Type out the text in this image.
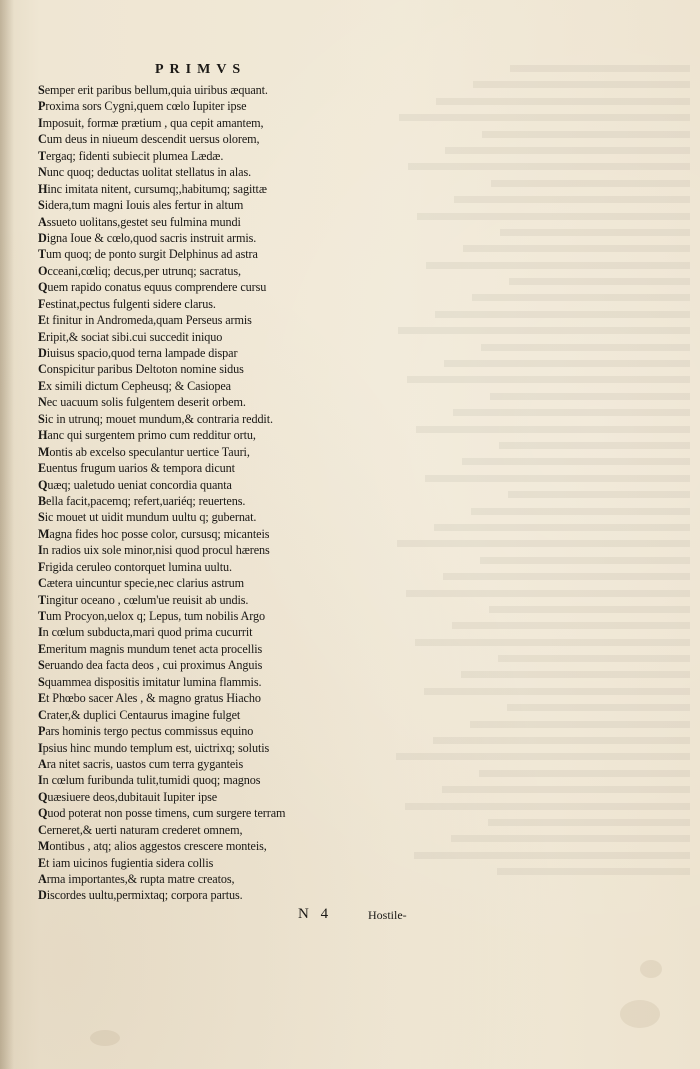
PRIMVS
Semper erit paribus bellum,quia uiribus æquant.
Proxima sors Cygni,quem cœlo Iupiter ipse
Imposuit, formæ prætium , qua cepit amantem,
Cum deus in niueum descendit uersus olorem,
Tergaq; fidenti subiecit plumea Lædæ.
Nunc quoq; deductas uolitat stellatus in alas.
Hinc imitata nitent, cursumq;,habitumq; sagittæ
Sidera,tum magni Iouis ales fertur in altum
Assueto uolitans,gestet seu fulmina mundi
Digna Ioue & cœlo,quod sacris instruit armis.
Tum quoq; de ponto surgit Delphinus ad astra
Occeani,cœliq; decus,per utrunq; sacratus,
Quem rapido conatus equus comprendere cursu
Festinat,pectus fulgenti sidere clarus.
Et finitur in Andromeda,quam Perseus armis
Eripit,& sociat sibi.cui succedit iniquo
Diuisus spacio,quod terna lampade dispar
Conspicitur paribus Deltoton nomine sidus
Ex simili dictum Cepheusq; & Casiopea
Nec uacuum solis fulgentem deserit orbem.
Sic in utrunq; mouet mundum,& contraria reddit.
Hanc qui surgentem primo cum redditur ortu,
Montis ab excelso speculantur uertice Tauri,
Euentus frugum uarios & tempora dicunt
Quæq; ualetudo ueniat concordia quanta
Bella facit,pacemq; refert,uariéq; reuertens.
Sic mouet ut uidit mundum uultu q; gubernat.
Magna fides hoc posse color, cursusq; micanteis
In radios uix sole minor,nisi quod procul hærens
Frigida ceruleo contorquet lumina uultu.
Cætera uincuntur specie,nec clarius astrum
Tingitur oceano , cœlum'ue reuisit ab undis.
Tum Procyon,uelox q; Lepus, tum nobilis Argo
In cœlum subducta,mari quod prima cucurrit
Emeritum magnis mundum tenet acta procellis
Seruando dea facta deos , cui proximus Anguis
Squammea dispositis imitatur lumina flammis.
Et Phœbo sacer Ales , & magno gratus Hiacho
Crater,& duplici Centaurus imagine fulget
Pars hominis tergo pectus commissus equino
Ipsius hinc mundo templum est, uictrixq; solutis
Ara nitet sacris, uastos cum terra gyganteis
In cœlum furibunda tulit,tumidi quoq; magnos
Quæsiuere deos,dubitauit Iupiter ipse
Quod poterat non posse timens, cum surgere terram
Cerneret,& uerti naturam crederet omnem,
Montibus , atq; alios aggestos crescere monteis,
Et iam uicinos fugientia sidera collis
Arma importantes,& rupta matre creatos,
Discordes uultu,permixtaq; corpora partus.
N 4	Hostile-
